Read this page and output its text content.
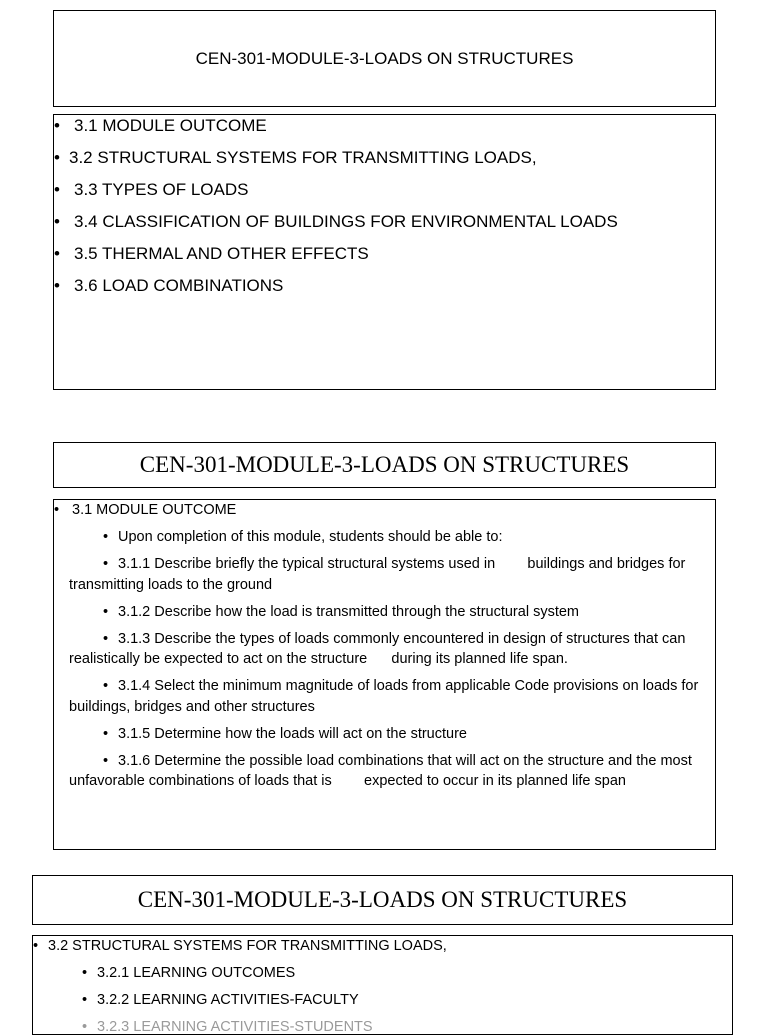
CEN-301-MODULE-3-LOADS ON STRUCTURES
• 3.1 MODULE OUTCOME
• 3.2 STRUCTURAL SYSTEMS FOR TRANSMITTING LOADS,
• 3.3 TYPES OF LOADS
• 3.4 CLASSIFICATION OF BUILDINGS FOR ENVIRONMENTAL LOADS
• 3.5 THERMAL AND OTHER EFFECTS
• 3.6 LOAD COMBINATIONS
CEN-301-MODULE-3-LOADS ON STRUCTURES
• 3.1 MODULE OUTCOME
• Upon completion of this module, students should be able to:
• 3.1.1 Describe briefly the typical structural systems used in        buildings and bridges for transmitting loads to the ground
• 3.1.2 Describe how the load is transmitted through the structural system
• 3.1.3 Describe the types of loads commonly encountered in design of structures that can realistically be expected to act on the structure      during its planned life span.
• 3.1.4 Select the minimum magnitude of loads from applicable Code provisions on loads for buildings, bridges and other structures
• 3.1.5 Determine how the loads will act on the structure
• 3.1.6 Determine the possible load combinations that will act on the structure and the most unfavorable combinations of loads that is        expected to occur in its planned life span
CEN-301-MODULE-3-LOADS ON STRUCTURES
• 3.2 STRUCTURAL SYSTEMS FOR TRANSMITTING LOADS,
• 3.2.1 LEARNING OUTCOMES
• 3.2.2 LEARNING ACTIVITIES-FACULTY
• 3.2.3 LEARNING ACTIVITIES-STUDENTS
